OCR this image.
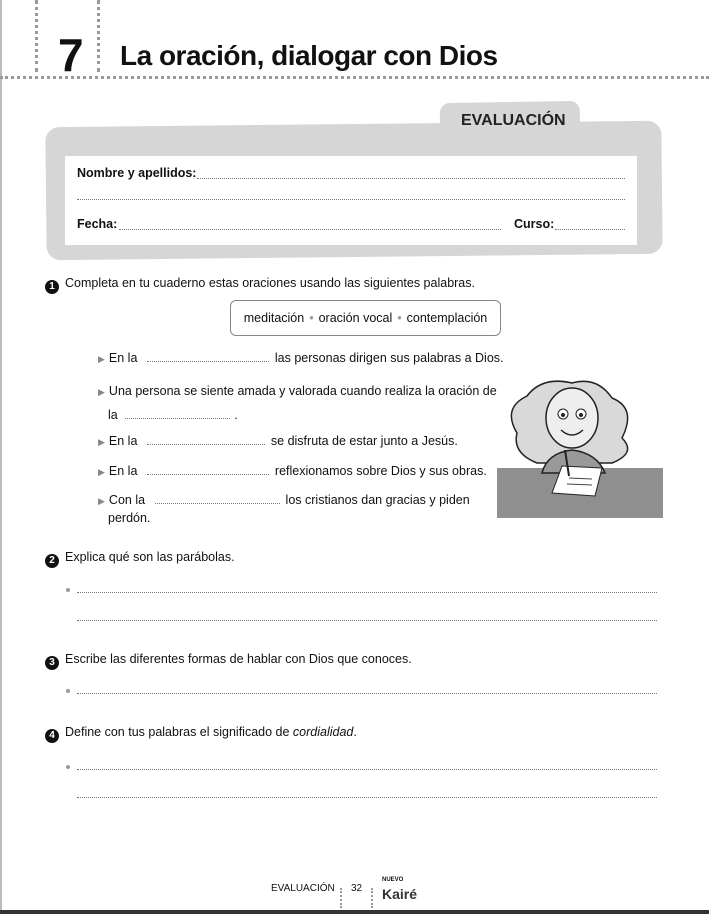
7 La oración, dialogar con Dios
EVALUACIÓN
Nombre y apellidos:
Fecha:	Curso:
1 Completa en tu cuaderno estas oraciones usando las siguientes palabras.
meditación • oración vocal • contemplación
▶ En la	las personas dirigen sus palabras a Dios.
▶ Una persona se siente amada y valorada cuando realiza la oración de
la	.
▶ En la	se disfruta de estar junto a Jesús.
▶ En la	reflexionamos sobre Dios y sus obras.
▶ Con la	los cristianos dan gracias y piden
perdón.
2 Explica qué son las parábolas.
3 Escribe las diferentes formas de hablar con Dios que conoces.
4 Define con tus palabras el significado de cordialidad.
EVALUACIÓN 32
NUEVO
Kairé
